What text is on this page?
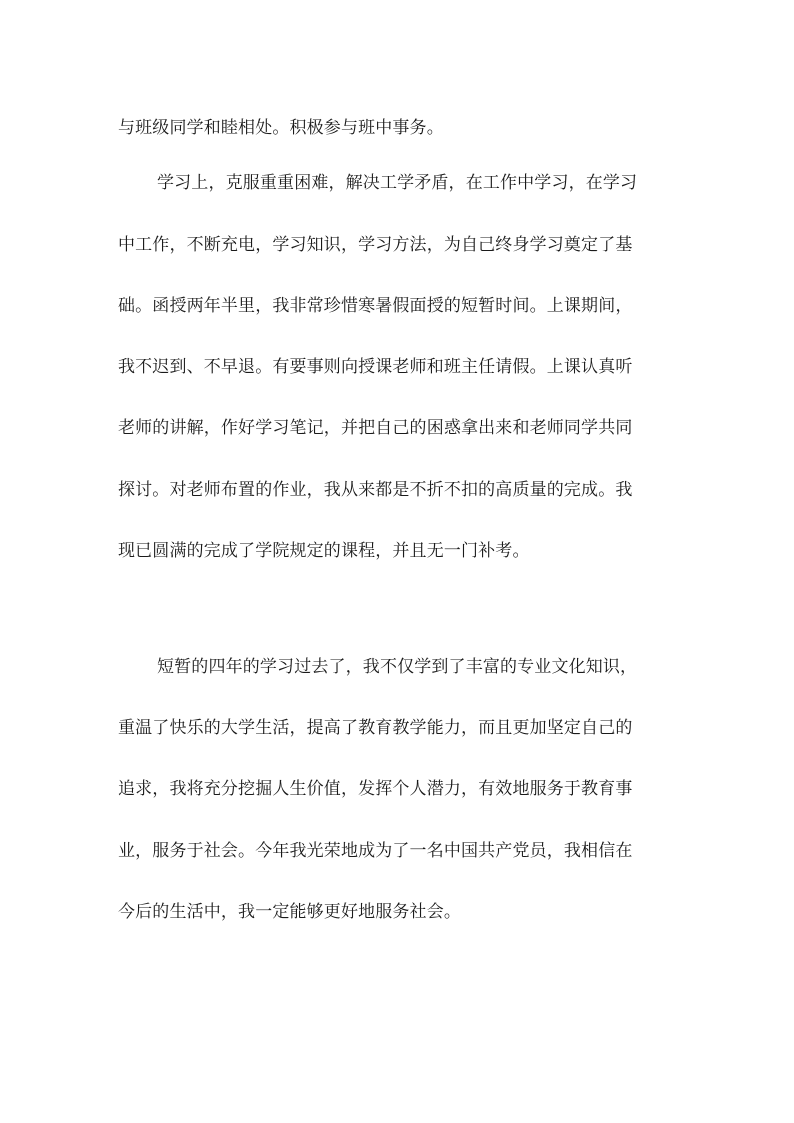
与班级同学和睦相处。积极参与班中事务。
学习上，克服重重困难，解决工学矛盾，在工作中学习，在学习
中工作，不断充电，学习知识，学习方法，为自己终身学习奠定了基
础。函授两年半里，我非常珍惜寒暑假面授的短暂时间。上课期间，
我不迟到、不早退。有要事则向授课老师和班主任请假。上课认真听
老师的讲解，作好学习笔记，并把自己的困惑拿出来和老师同学共同
探讨。对老师布置的作业，我从来都是不折不扣的高质量的完成。我
现已圆满的完成了学院规定的课程，并且无一门补考。
短暂的四年的学习过去了，我不仅学到了丰富的专业文化知识，
重温了快乐的大学生活，提高了教育教学能力，而且更加坚定自己的
追求，我将充分挖掘人生价值，发挥个人潜力，有效地服务于教育事
业，服务于社会。今年我光荣地成为了一名中国共产党员，我相信在
今后的生活中，我一定能够更好地服务社会。
